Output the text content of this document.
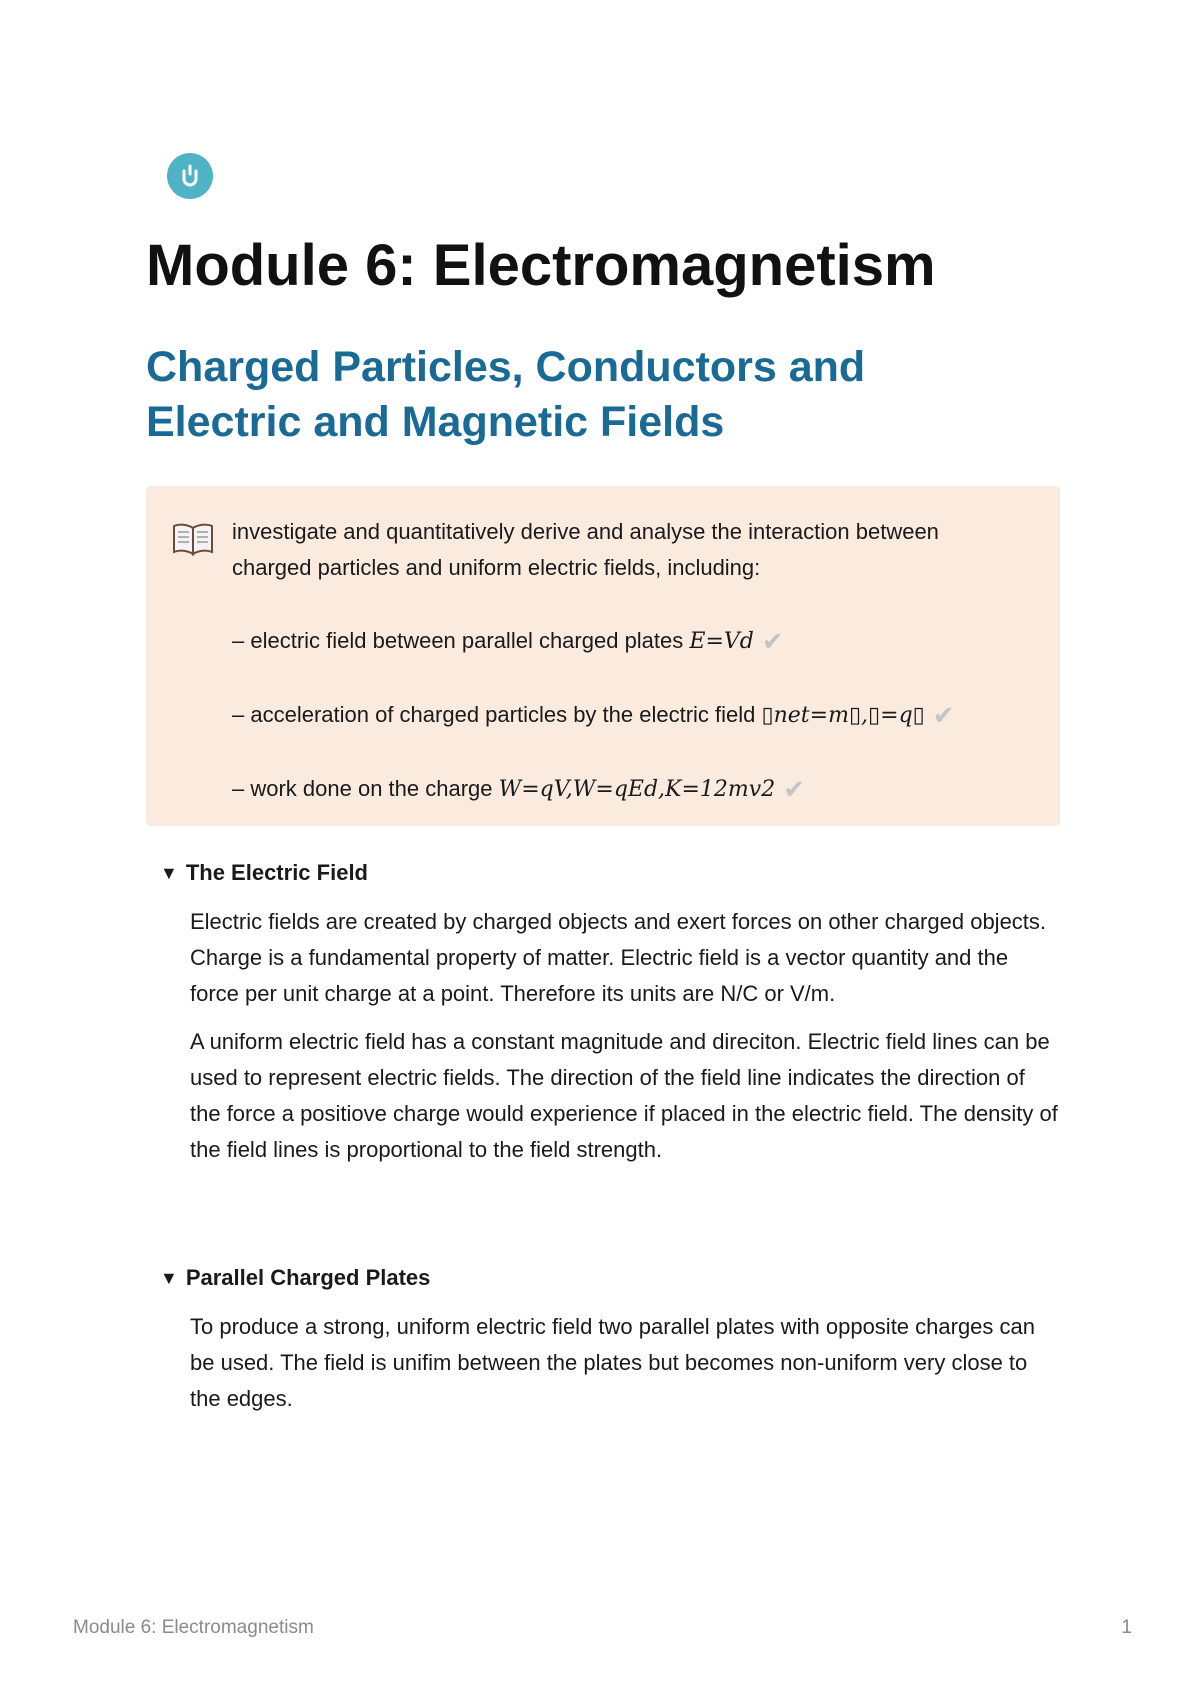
Module 6: Electromagnetism
Charged Particles, Conductors and
Electric and Magnetic Fields

investigate and quantitatively derive and analyse the interaction between
charged particles and uniform electric fields, including:

– electric field between parallel charged plates E=Vd ✔

– acceleration of charged particles by the electric field ▯net=m▯,▯=q▯ ✔

– work done on the charge W=qV,W=qEd,K=12mv2 ✔

▼ The Electric Field

Electric fields are created by charged objects and exert forces on other charged objects. Charge is a fundamental property of matter. Electric field is a vector quantity and the force per unit charge at a point. Therefore its units are N/C or V/m.

A uniform electric field has a constant magnitude and direciton. Electric field lines can be used to represent electric fields. The direction of the field line indicates the direction of the force a positiove charge would experience if placed in the electric field. The density of the field lines is proportional to the field strength.

▼ Parallel Charged Plates

To produce a strong, uniform electric field two parallel plates with opposite charges can be used. The field is unifim between the plates but becomes non-uniform very close to the edges.

Module 6: Electromagnetism	1
